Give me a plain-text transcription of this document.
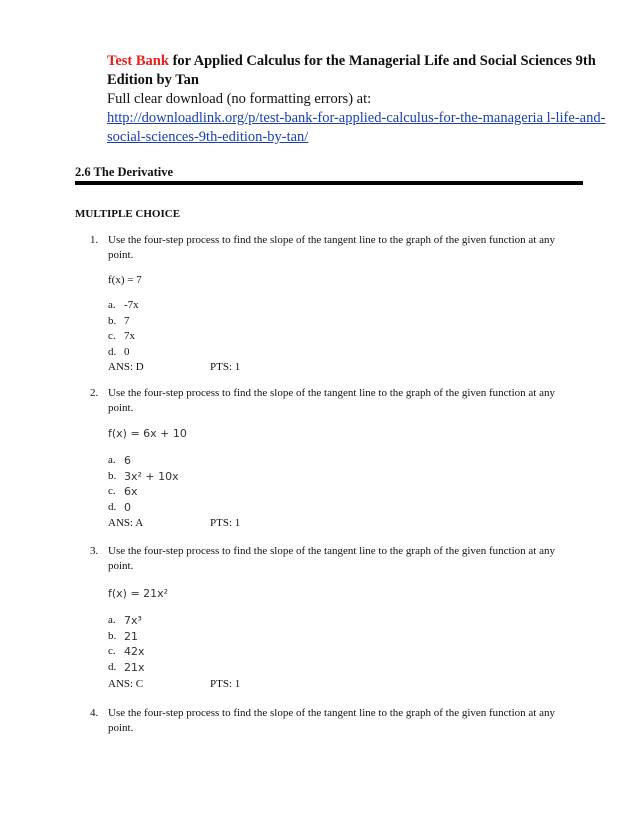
Test Bank for Applied Calculus for the Managerial Life and Social Sciences 9th Edition by Tan
Full clear download (no formatting errors) at:
http://downloadlink.org/p/test-bank-for-applied-calculus-for-the-manageria l-life-and-social-sciences-9th-edition-by-tan/
2.6 The Derivative
MULTIPLE CHOICE
1. Use the four-step process to find the slope of the tangent line to the graph of the given function at any point.
f(x) = 7
a. -7x
b. 7
c. 7x
d. 0
ANS: D	PTS: 1
2. Use the four-step process to find the slope of the tangent line to the graph of the given function at any point.
f(x) = 6x + 10
a. 6
b. 3x² + 10x
c. 6x
d. 0
ANS: A	PTS: 1
3. Use the four-step process to find the slope of the tangent line to the graph of the given function at any point.
f(x) = 21x²
a. 7x³
b. 21
c. 42x
d. 21x
ANS: C	PTS: 1
4. Use the four-step process to find the slope of the tangent line to the graph of the given function at any point.
